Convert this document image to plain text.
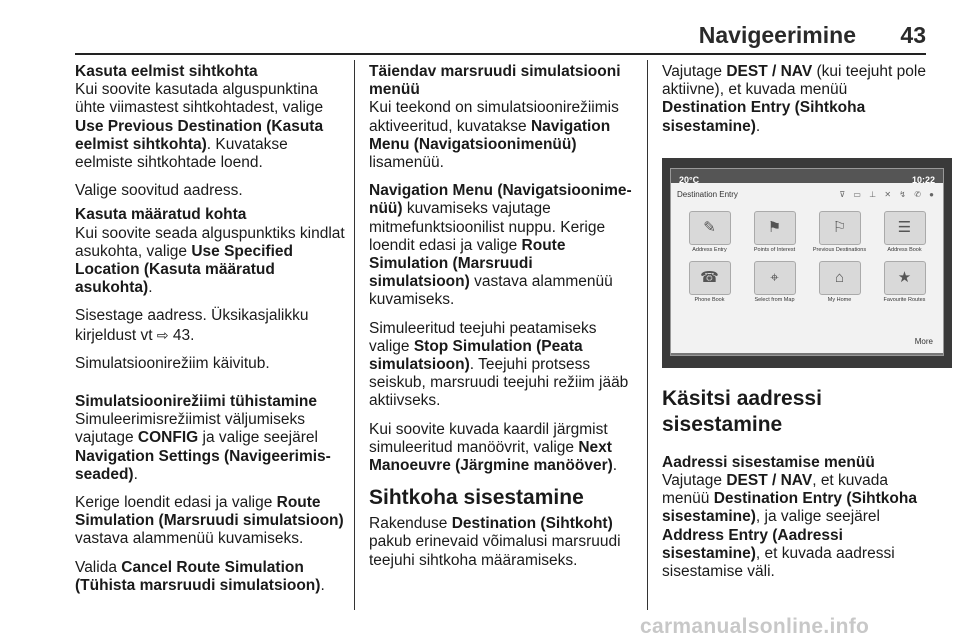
Navigeerimine 43
Kasuta eelmist sihtkohta

Kui soovite kasutada alguspunktina ühte viimastest sihtkohtadest, valige Use Previous Destination (Kasuta eelmist sihtkohta). Kuvatakse eelmiste sihtkohtade loend.

Valige soovitud aadress.

Kasuta määratud kohta

Kui soovite seada alguspunktiks kindlat asukohta, valige Use Specified Location (Kasuta määratud asukohta).

Sisestage aadress. Üksikasjalikku kirjeldust vt ⇨ 43.

Simulatsioonirežiim käivitub.

Simulatsioonirežiimi tühistamine

Simuleerimisrežiimist väljumiseks vajutage CONFIG ja valige seejärel Navigation Settings (Navigeerimisseaded).

Kerige loendit edasi ja valige Route Simulation (Marsruudi simulatsioon) vastava alammenüü kuvamiseks.

Valida Cancel Route Simulation (Tühista marsruudi simulatsioon).

Täiendav marsruudi simulatsiooni menüü

Kui teekond on simulatsioonirežiimis aktiveeritud, kuvatakse Navigation Menu (Navigatsioonimenüü) lisamenüü.

Navigation Menu (Navigatsioonimenüü) kuvamiseks vajutage mitmefunktsioonilist nuppu. Kerige loendit edasi ja valige Route Simulation (Marsruudi simulatsioon) vastava alammenüü kuvamiseks.

Simuleeritud teejuhi peatamiseks valige Stop Simulation (Peata simulatsioon). Teejuhi protsess seiskub, marsruudi teejuhi režiim jääb aktiivseks.

Kui soovite kuvada kaardil järgmist simuleeritud manöövrit, valige Next Manoeuvre (Järgmine manööver).

Sihtkoha sisestamine

Rakenduse Destination (Sihtkoht) pakub erinevaid võimalusi marsruudi teejuhi sihtkoha määramiseks.

Vajutage DEST / NAV (kui teejuht pole aktiivne), et kuvada menüü Destination Entry (Sihtkoha sisestamine).

20°C	10:22
Destination Entry	⊽ ▭ ⊥ ✕ ↯ ✆ ●
✎
Address Entry
⚑
Points of Interest
⚐
Previous Destinations
☰
Address Book
☎
Phone Book
⌖
Select from Map
⌂
My Home
★
Favourite Routes
More
Käsitsi aadressi sisestamine
Aadressi sisestamise menüü

Vajutage DEST / NAV, et kuvada menüü Destination Entry (Sihtkoha sisestamine), ja valige seejärel Address Entry (Aadressi sisestamine), et kuvada aadressi sisestamise väli.

carmanualsonline.info
